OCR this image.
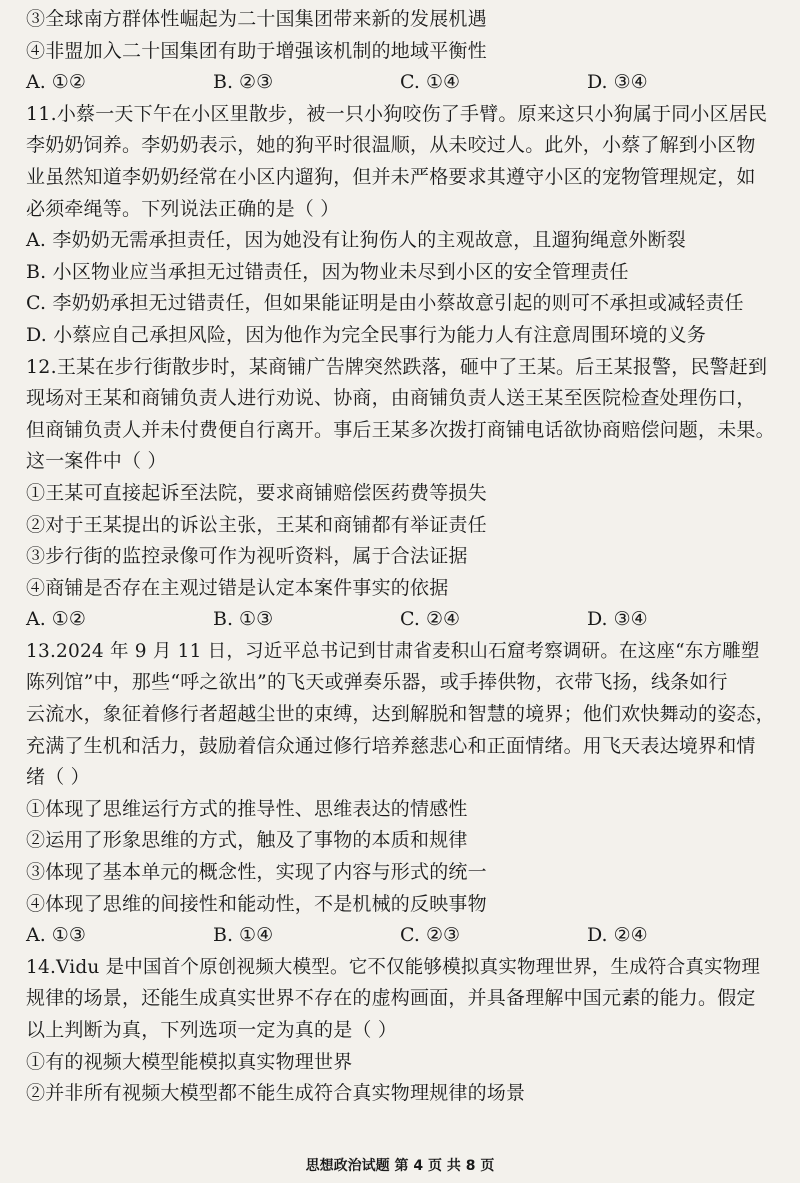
③全球南方群体性崛起为二十国集团带来新的发展机遇
④非盟加入二十国集团有助于增强该机制的地域平衡性
A. ①②	B. ②③	C. ①④	D. ③④
11.小蔡一天下午在小区里散步，被一只小狗咬伤了手臂。原来这只小狗属于同小区居民
李奶奶饲养。李奶奶表示，她的狗平时很温顺，从未咬过人。此外，小蔡了解到小区物
业虽然知道李奶奶经常在小区内遛狗，但并未严格要求其遵守小区的宠物管理规定，如
必须牵绳等。下列说法正确的是（ ）
A. 李奶奶无需承担责任，因为她没有让狗伤人的主观故意，且遛狗绳意外断裂
B. 小区物业应当承担无过错责任，因为物业未尽到小区的安全管理责任
C. 李奶奶承担无过错责任，但如果能证明是由小蔡故意引起的则可不承担或减轻责任
D. 小蔡应自己承担风险，因为他作为完全民事行为能力人有注意周围环境的义务
12.王某在步行街散步时，某商铺广告牌突然跌落，砸中了王某。后王某报警，民警赶到
现场对王某和商铺负责人进行劝说、协商，由商铺负责人送王某至医院检查处理伤口，
但商铺负责人并未付费便自行离开。事后王某多次拨打商铺电话欲协商赔偿问题，未果。
这一案件中（ ）
①王某可直接起诉至法院，要求商铺赔偿医药费等损失
②对于王某提出的诉讼主张，王某和商铺都有举证责任
③步行街的监控录像可作为视听资料，属于合法证据
④商铺是否存在主观过错是认定本案件事实的依据
A. ①②	B. ①③	C. ②④	D. ③④
13.2024 年 9 月 11 日，习近平总书记到甘肃省麦积山石窟考察调研。在这座“东方雕塑
陈列馆”中，那些“呼之欲出”的飞天或弹奏乐器，或手捧供物，衣带飞扬，线条如行
云流水，象征着修行者超越尘世的束缚，达到解脱和智慧的境界；他们欢快舞动的姿态，
充满了生机和活力，鼓励着信众通过修行培养慈悲心和正面情绪。用飞天表达境界和情
绪（ ）
①体现了思维运行方式的推导性、思维表达的情感性
②运用了形象思维的方式，触及了事物的本质和规律
③体现了基本单元的概念性，实现了内容与形式的统一
④体现了思维的间接性和能动性，不是机械的反映事物
A. ①③	B. ①④	C. ②③	D. ②④
14.Vidu 是中国首个原创视频大模型。它不仅能够模拟真实物理世界，生成符合真实物理
规律的场景，还能生成真实世界不存在的虚构画面，并具备理解中国元素的能力。假定
以上判断为真，下列选项一定为真的是（ ）
①有的视频大模型能模拟真实物理世界
②并非所有视频大模型都不能生成符合真实物理规律的场景
思想政治试题 第 4 页 共 8 页
